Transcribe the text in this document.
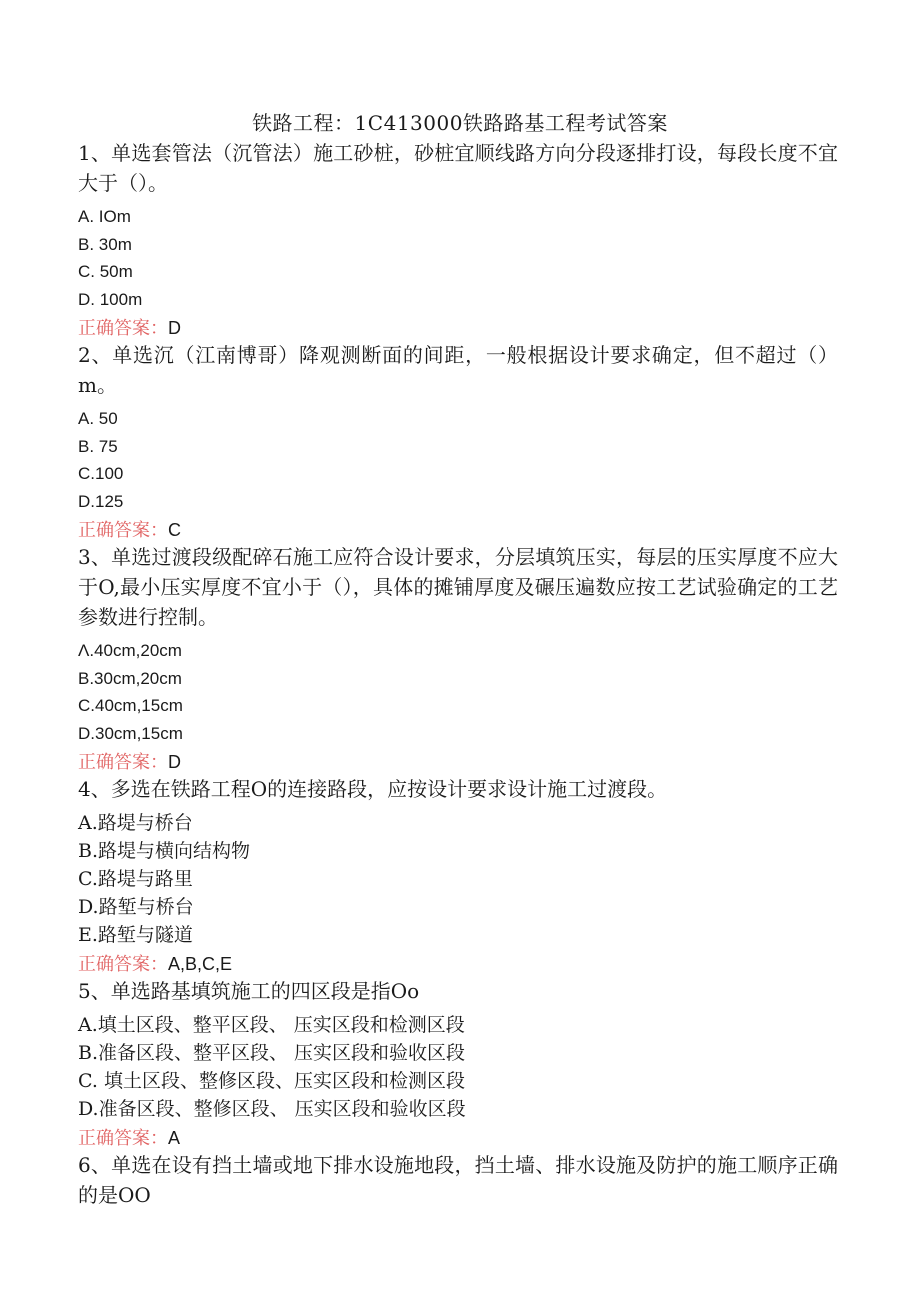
铁路工程：1C413000铁路路基工程考试答案

1、单选套管法（沉管法）施工砂桩，砂桩宜顺线路方向分段逐排打设，每段长度不宜大于（）。

A. IOm
B. 30m
C. 50m
D. 100m
正确答案：D

2、单选沉（江南博哥）降观测断面的间距，一般根据设计要求确定，但不超过（）m。

A. 50
B. 75
C.100
D.125
正确答案：C

3、单选过渡段级配碎石施工应符合设计要求，分层填筑压实，每层的压实厚度不应大于O,最小压实厚度不宜小于（），具体的摊铺厚度及碾压遍数应按工艺试验确定的工艺参数进行控制。

Λ.40cm,20cm
B.30cm,20cm
C.40cm,15cm
D.30cm,15cm
正确答案：D

4、多选在铁路工程O的连接路段，应按设计要求设计施工过渡段。

A.路堤与桥台
B.路堤与横向结构物
C.路堤与路里
D.路堑与桥台
E.路堑与隧道
正确答案：A,B,C,E

5、单选路基填筑施工的四区段是指Oo

A.填土区段、整平区段、 压实区段和检测区段
B.准备区段、整平区段、 压实区段和验收区段
C. 填土区段、整修区段、压实区段和检测区段
D.准备区段、整修区段、 压实区段和验收区段
正确答案：A

6、单选在设有挡土墙或地下排水设施地段，挡土墙、排水设施及防护的施工顺序正确的是OO
